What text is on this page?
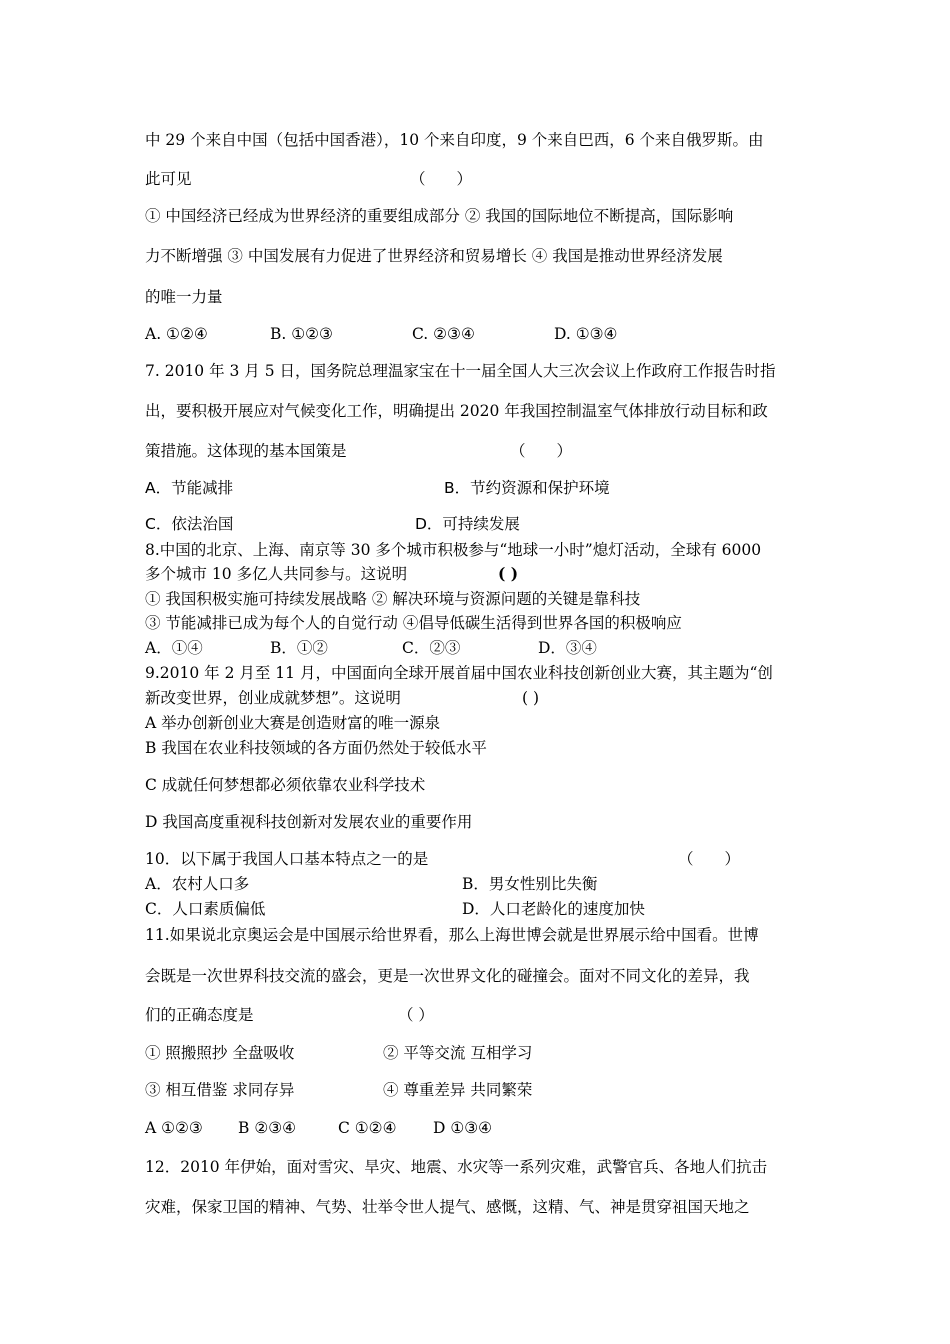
中 29 个来自中国（包括中国香港），10 个来自印度，9 个来自巴西，6 个来自俄罗斯。由
此可见	（　　）
① 中国经济已经成为世界经济的重要组成部分 ② 我国的国际地位不断提高，国际影响
力不断增强 ③ 中国发展有力促进了世界经济和贸易增长 ④ 我国是推动世界经济发展
的唯一力量
A. ①②④	B. ①②③	C. ②③④	D. ①③④
7. 2010 年 3 月 5 日，国务院总理温家宝在十一届全国人大三次会议上作政府工作报告时指
出，要积极开展应对气候变化工作，明确提出 2020 年我国控制温室气体排放行动目标和政
策措施。这体现的基本国策是	（　　）
A．节能减排	B．节约资源和保护环境
C．依法治国	D．可持续发展
8.中国的北京、上海、南京等 30 多个城市积极参与“地球一小时”熄灯活动，全球有 6000
多个城市 10 多亿人共同参与。这说明	( )
① 我国积极实施可持续发展战略 ② 解决环境与资源问题的关键是靠科技
③ 节能减排已成为每个人的自觉行动 ④倡导低碳生活得到世界各国的积极响应
A．①④	B．①②	C．②③	D．③④
9.2010 年 2 月至 11 月，中国面向全球开展首届中国农业科技创新创业大赛，其主题为“创
新改变世界，创业成就梦想”。这说明	( )
A 举办创新创业大赛是创造财富的唯一源泉
B 我国在农业科技领域的各方面仍然处于较低水平
C 成就任何梦想都必须依靠农业科学技术
D 我国高度重视科技创新对发展农业的重要作用
10．以下属于我国人口基本特点之一的是	（　　）
A．农村人口多	B．男女性别比失衡
C．人口素质偏低	D．人口老龄化的速度加快
11.如果说北京奥运会是中国展示给世界看，那么上海世博会就是世界展示给中国看。世博
会既是一次世界科技交流的盛会，更是一次世界文化的碰撞会。面对不同文化的差异，我
们的正确态度是	（ ）
① 照搬照抄 全盘吸收	② 平等交流 互相学习
③ 相互借鉴 求同存异	④ 尊重差异 共同繁荣
A ①②③ B ②③④	C ①②④ D ①③④
12．2010 年伊始，面对雪灾、旱灾、地震、水灾等一系列灾难，武警官兵、各地人们抗击
灾难，保家卫国的精神、气势、壮举令世人提气、感慨，这精、气、神是贯穿祖国天地之
